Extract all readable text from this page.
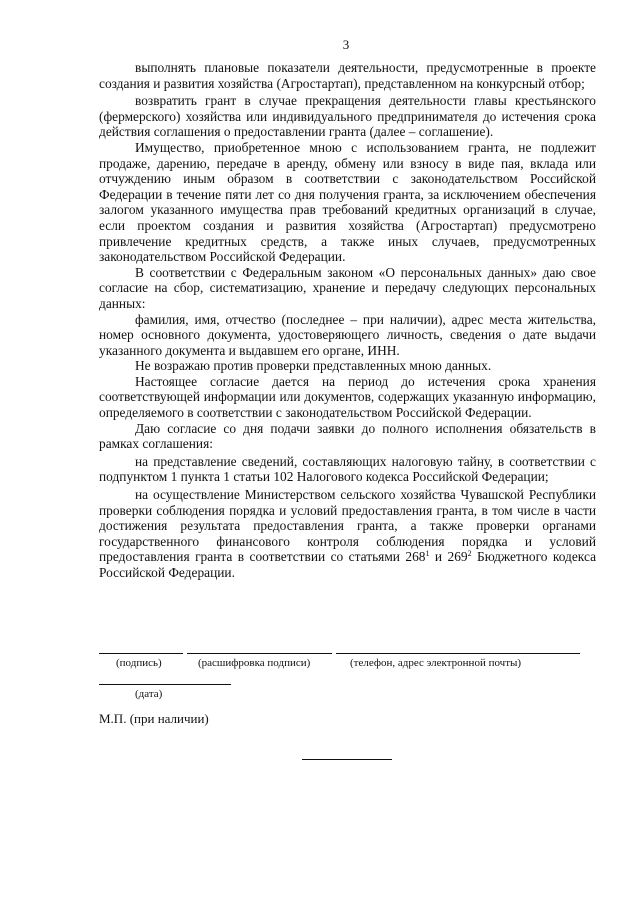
3

выполнять плановые показатели деятельности, предусмотренные в проекте создания и развития хозяйства (Агростартап), представленном на конкурсный отбор;

возвратить грант в случае прекращения деятельности главы крестьянского (фермерского) хозяйства или индивидуального предпринимателя до истечения срока действия соглашения о предоставлении гранта (далее – соглашение).

Имущество, приобретенное мною с использованием гранта, не подлежит продаже, дарению, передаче в аренду, обмену или взносу в виде пая, вклада или отчуждению иным образом в соответствии с законодательством Российской Федерации в течение пяти лет со дня получения гранта, за исключением обеспечения залогом указанного имущества прав требований кредитных организаций в случае, если проектом создания и развития хозяйства (Агростартап) предусмотрено привлечение кредитных средств, а также иных случаев, предусмотренных законодательством Российской Федерации.

В соответствии с Федеральным законом «О персональных данных» даю свое согласие на сбор, систематизацию, хранение и передачу следующих персональных данных:

фамилия, имя, отчество (последнее – при наличии), адрес места жительства, номер основного документа, удостоверяющего личность, сведения о дате выдачи указанного документа и выдавшем его органе, ИНН.

Не возражаю против проверки представленных мною данных.

Настоящее согласие дается на период до истечения срока хранения соответствующей информации или документов, содержащих указанную информацию, определяемого в соответствии с законодательством Российской Федерации.

Даю согласие со дня подачи заявки до полного исполнения обязательств в рамках соглашения:

на представление сведений, составляющих налоговую тайну, в соответствии с подпунктом 1 пункта 1 статьи 102 Налогового кодекса Российской Федерации;

на осуществление Министерством сельского хозяйства Чувашской Республики проверки соблюдения порядка и условий предоставления гранта, в том числе в части достижения результата предоставления гранта, а также проверки органами государственного финансового контроля соблюдения порядка и условий предоставления гранта в соответствии со статьями $268^1$ и $269^2$ Бюджетного кодекса Российской Федерации.

(подпись)	(расшифровка подписи)	(телефон, адрес электронной почты)
(дата)
М.П. (при наличии)
